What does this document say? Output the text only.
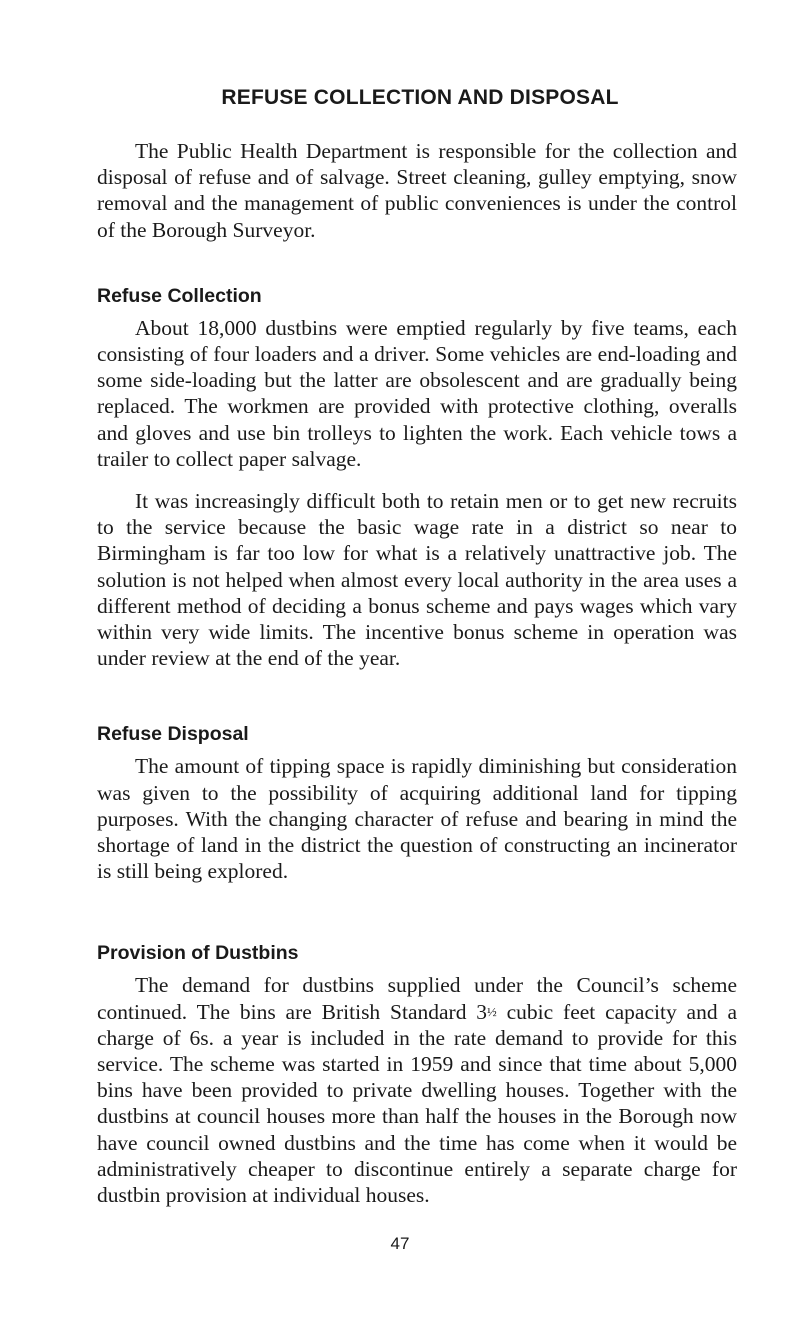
REFUSE COLLECTION AND DISPOSAL

The Public Health Department is responsible for the collection and disposal of refuse and of salvage. Street cleaning, gulley emptying, snow removal and the management of public conveniences is under the control of the Borough Surveyor.

Refuse Collection

About 18,000 dustbins were emptied regularly by five teams, each consisting of four loaders and a driver. Some vehicles are end-loading and some side-loading but the latter are obsolescent and are gradually being replaced. The workmen are provided with protective clothing, overalls and gloves and use bin trolleys to lighten the work. Each vehicle tows a trailer to collect paper salvage.

It was increasingly difficult both to retain men or to get new recruits to the service because the basic wage rate in a district so near to Birmingham is far too low for what is a relatively unattractive job. The solution is not helped when almost every local authority in the area uses a different method of deciding a bonus scheme and pays wages which vary within very wide limits. The incentive bonus scheme in operation was under review at the end of the year.

Refuse Disposal

The amount of tipping space is rapidly diminishing but consideration was given to the possibility of acquiring additional land for tipping purposes. With the changing character of refuse and bearing in mind the shortage of land in the district the question of constructing an incinerator is still being explored.

Provision of Dustbins

The demand for dustbins supplied under the Council’s scheme continued. The bins are British Standard 3½ cubic feet capacity and a charge of 6s. a year is included in the rate demand to provide for this service. The scheme was started in 1959 and since that time about 5,000 bins have been provided to private dwelling houses. Together with the dustbins at council houses more than half the houses in the Borough now have council owned dustbins and the time has come when it would be administratively cheaper to discontinue entirely a separate charge for dustbin provision at individual houses.

47
